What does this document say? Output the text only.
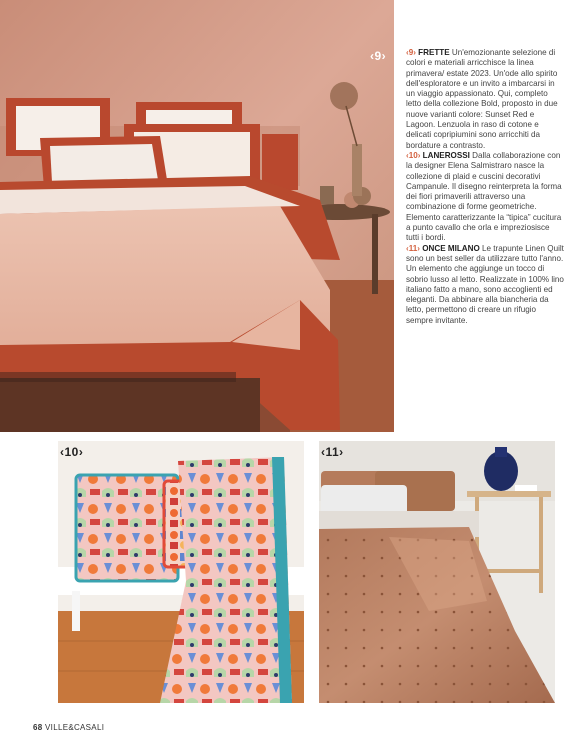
‹9› ‹9› FRETTE Un'emozionante selezione di colori e materiali arricchisce la linea primavera/ estate 2023. Un'ode allo spirito dell'esploratore e un invito a imbarcarsi in un viaggio appassionato. Qui, completo letto della collezione Bold, proposto in due nuove varianti colore: Sunset Red e Lagoon. Lenzuola in raso di cotone e delicati copripiumini sono arricchiti da bordature a contrasto.

‹10› LANEROSSI Dalla collaborazione con la designer Elena Salmistraro nasce la collezione di plaid e cuscini decorativi Campanule. Il disegno reinterpreta la forma dei fiori primaverili attraverso una combinazione di forme geometriche. Elemento caratterizzante la “tipica” cucitura a punto cavallo che orla e impreziosisce tutti i bordi.

‹11› ONCE MILANO Le trapunte Linen Quilt sono un best seller da utilizzare tutto l'anno. Un elemento che aggiunge un tocco di sobrio lusso al letto. Realizzate in 100% lino italiano fatto a mano, sono accoglienti ed eleganti. Da abbinare alla biancheria da letto, permettono di creare un rifugio sempre invitante.

‹10›	‹11›
68 VILLE&CASALI
